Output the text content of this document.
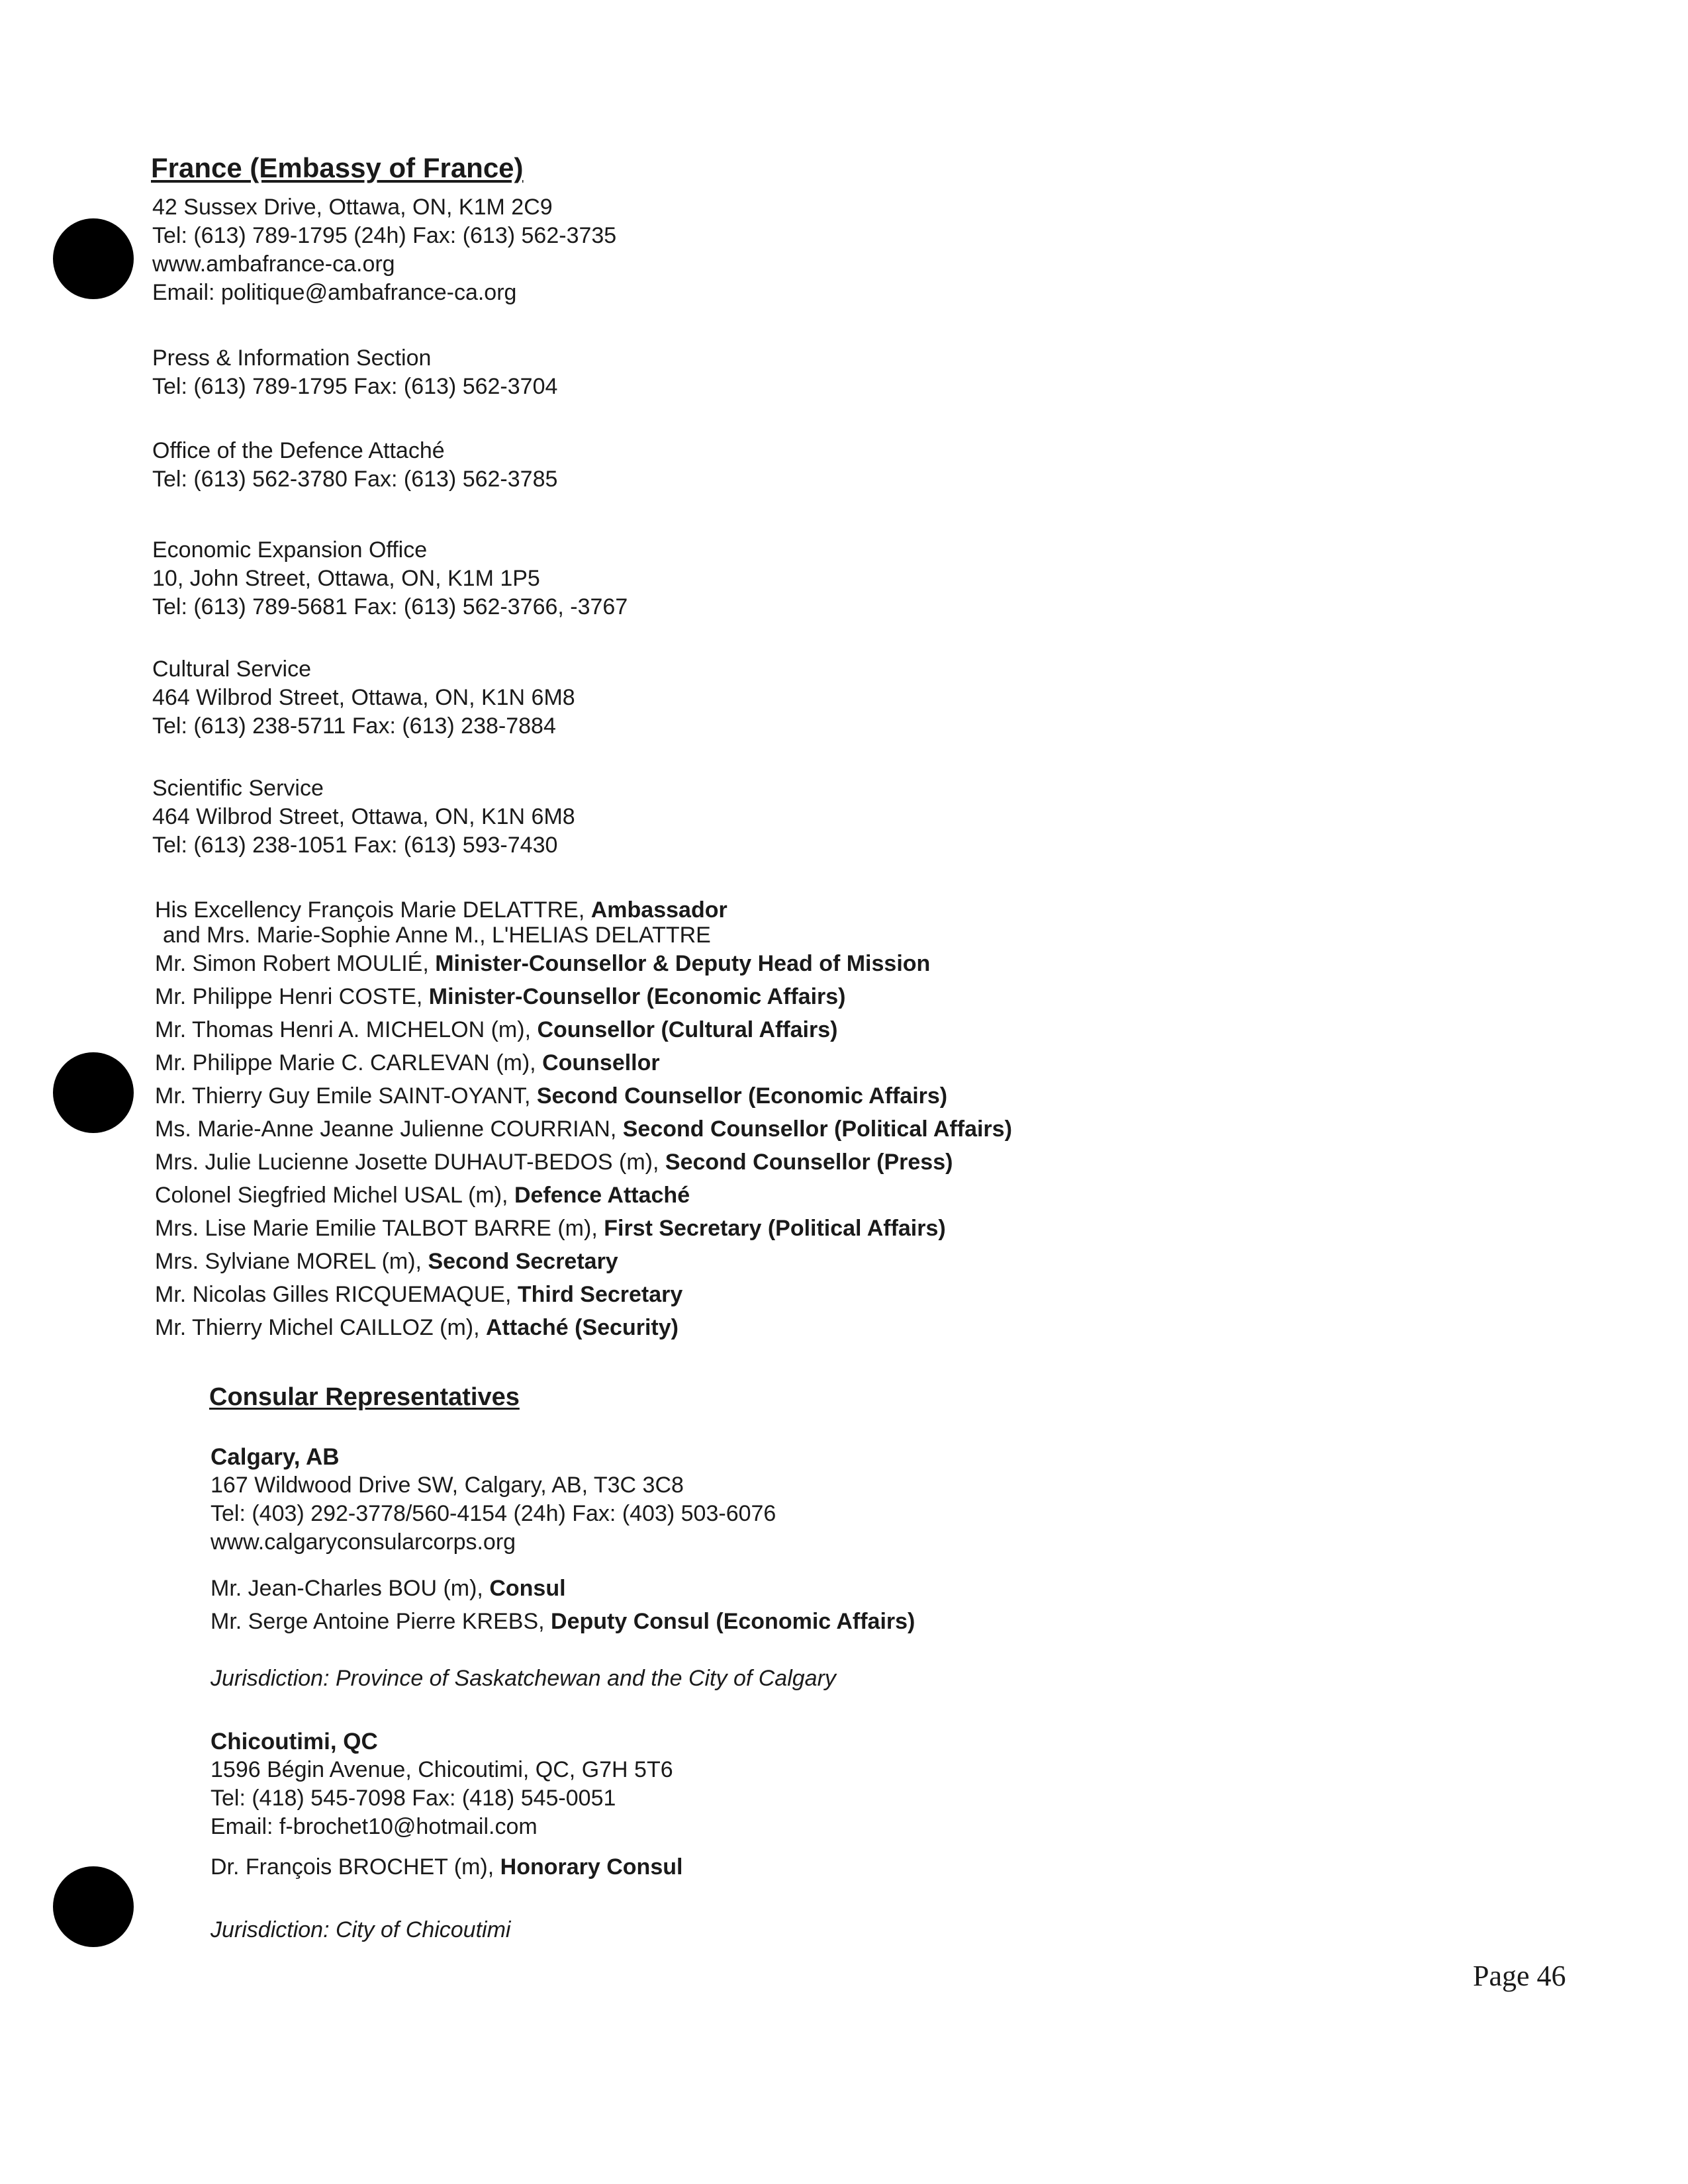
France (Embassy of France)
42 Sussex Drive, Ottawa, ON, K1M 2C9
Tel: (613) 789-1795 (24h) Fax: (613) 562-3735
www.ambafrance-ca.org
Email: politique@ambafrance-ca.org
Press & Information Section
Tel: (613) 789-1795 Fax: (613) 562-3704
Office of the Defence Attaché
Tel: (613) 562-3780 Fax: (613) 562-3785
Economic Expansion Office
10, John Street, Ottawa, ON, K1M 1P5
Tel: (613) 789-5681 Fax: (613) 562-3766, -3767
Cultural Service
464 Wilbrod Street, Ottawa, ON, K1N 6M8
Tel: (613) 238-5711 Fax: (613) 238-7884
Scientific Service
464 Wilbrod Street, Ottawa, ON, K1N 6M8
Tel: (613) 238-1051 Fax: (613) 593-7430
His Excellency François Marie DELATTRE, Ambassador
and Mrs. Marie-Sophie Anne M., L'HELIAS DELATTRE
Mr. Simon Robert MOULIÉ, Minister-Counsellor & Deputy Head of Mission
Mr. Philippe Henri COSTE, Minister-Counsellor (Economic Affairs)
Mr. Thomas Henri A. MICHELON (m), Counsellor (Cultural Affairs)
Mr. Philippe Marie C. CARLEVAN (m), Counsellor
Mr. Thierry Guy Emile SAINT-OYANT, Second Counsellor (Economic Affairs)
Ms. Marie-Anne Jeanne Julienne COURRIAN, Second Counsellor (Political Affairs)
Mrs. Julie Lucienne Josette DUHAUT-BEDOS (m), Second Counsellor (Press)
Colonel Siegfried Michel USAL (m), Defence Attaché
Mrs. Lise Marie Emilie TALBOT BARRE (m), First Secretary (Political Affairs)
Mrs. Sylviane MOREL (m), Second Secretary
Mr. Nicolas Gilles RICQUEMAQUE, Third Secretary
Mr. Thierry Michel CAILLOZ (m), Attaché (Security)
Consular Representatives
Calgary, AB
167 Wildwood Drive SW, Calgary, AB, T3C 3C8
Tel: (403) 292-3778/560-4154 (24h) Fax: (403) 503-6076
www.calgaryconsularcorps.org
Mr. Jean-Charles BOU (m), Consul
Mr. Serge Antoine Pierre KREBS, Deputy Consul (Economic Affairs)
Jurisdiction: Province of Saskatchewan and the City of Calgary
Chicoutimi, QC
1596 Bégin Avenue, Chicoutimi, QC, G7H 5T6
Tel: (418) 545-7098 Fax: (418) 545-0051
Email: f-brochet10@hotmail.com
Dr. François BROCHET (m), Honorary Consul
Jurisdiction: City of Chicoutimi
Page 46
